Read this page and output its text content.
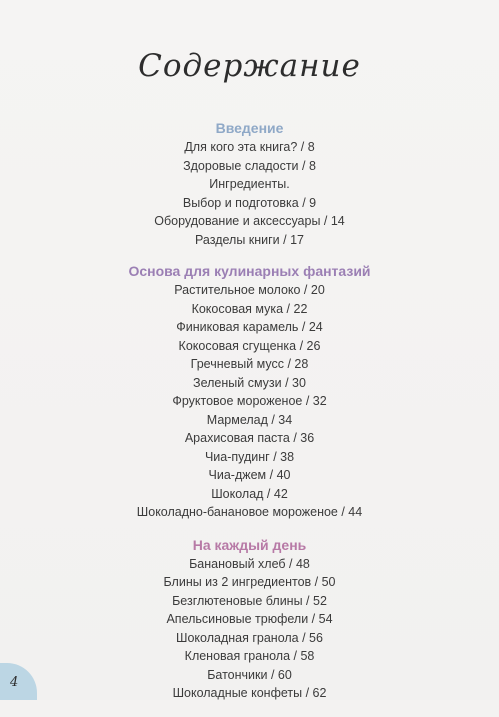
Содержание
Введение
Для кого эта книга? / 8
Здоровые сладости / 8
Ингредиенты.
Выбор и подготовка / 9
Оборудование и аксессуары / 14
Разделы книги / 17
Основа для кулинарных фантазий
Растительное молоко / 20
Кокосовая мука / 22
Финиковая карамель / 24
Кокосовая сгущенка / 26
Гречневый мусс / 28
Зеленый смузи / 30
Фруктовое мороженое / 32
Мармелад / 34
Арахисовая паста / 36
Чиа-пудинг / 38
Чиа-джем / 40
Шоколад / 42
Шоколадно-банановое мороженое / 44
На каждый день
Банановый хлеб / 48
Блины из 2 ингредиентов / 50
Безглютеновые блины / 52
Апельсиновые трюфели / 54
Шоколадная гранола / 56
Кленовая гранола / 58
Батончики / 60
Шоколадные конфеты / 62
4
